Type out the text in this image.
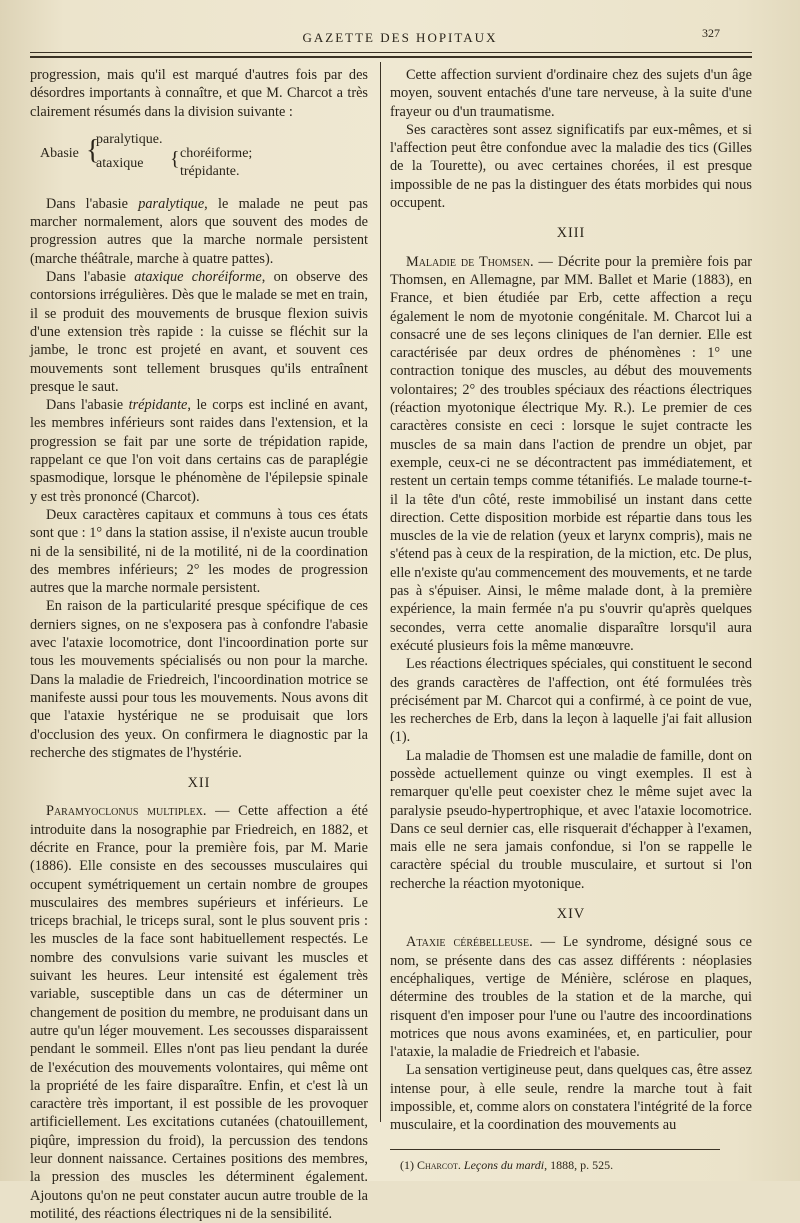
GAZETTE DES HOPITAUX	327

progression, mais qu'il est marqué d'autres fois par des désordres importants à connaître, et que M. Charcot a très clairement résumés dans la division suivante :

Abasie {
paralytique.
ataxique { choréiforme;
trépidante.

Dans l'abasie paralytique, le malade ne peut pas marcher normalement, alors que souvent des modes de progression autres que la marche normale persistent (marche théâtrale, marche à quatre pattes).

Dans l'abasie ataxique choréiforme, on observe des contorsions irrégulières. Dès que le malade se met en train, il se produit des mouvements de brusque flexion suivis d'une extension très rapide : la cuisse se fléchit sur la jambe, le tronc est projeté en avant, et souvent ces mouvements sont tellement brusques qu'ils entraînent presque le saut.

Dans l'abasie trépidante, le corps est incliné en avant, les membres inférieurs sont raides dans l'extension, et la progression se fait par une sorte de trépidation rapide, rappelant ce que l'on voit dans certains cas de paraplégie spasmodique, lorsque le phénomène de l'épilepsie spinale y est très prononcé (Charcot).

Deux caractères capitaux et communs à tous ces états sont que : 1° dans la station assise, il n'existe aucun trouble ni de la sensibilité, ni de la motilité, ni de la coordination des membres inférieurs; 2° les modes de progression autres que la marche normale persistent.

En raison de la particularité presque spécifique de ces derniers signes, on ne s'exposera pas à confondre l'abasie avec l'ataxie locomotrice, dont l'incoordination porte sur tous les mouvements spécialisés ou non pour la marche. Dans la maladie de Friedreich, l'incoordination motrice se manifeste aussi pour tous les mouvements. Nous avons dit que l'ataxie hystérique ne se produisait que lors d'occlusion des yeux. On confirmera le diagnostic par la recherche des stigmates de l'hystérie.

XII

Paramyoclonus multiplex. — Cette affection a été introduite dans la nosographie par Friedreich, en 1882, et décrite en France, pour la première fois, par M. Marie (1886). Elle consiste en des secousses musculaires qui occupent symétriquement un certain nombre de groupes musculaires des membres supérieurs et inférieurs. Le triceps brachial, le triceps sural, sont le plus souvent pris : les muscles de la face sont habituellement respectés. Le nombre des convulsions varie suivant les muscles et suivant les heures. Leur intensité est également très variable, susceptible dans un cas de déterminer un changement de position du membre, ne produisant dans un autre qu'un léger mouvement. Les secousses disparaissent pendant le sommeil. Elles n'ont pas lieu pendant la durée de l'exécution des mouvements volontaires, qui même ont la propriété de les faire disparaître. Enfin, et c'est là un caractère très important, il est possible de les provoquer artificiellement. Les excitations cutanées (chatouillement, piqûre, impression du froid), la percussion des tendons leur donnent naissance. Certaines positions des membres, la pression des muscles les déterminent également. Ajoutons qu'on ne peut constater aucun autre trouble de la motilité, des réactions électriques ni de la sensibilité.

Cette affection survient d'ordinaire chez des sujets d'un âge moyen, souvent entachés d'une tare nerveuse, à la suite d'une frayeur ou d'un traumatisme.

Ses caractères sont assez significatifs par eux-mêmes, et si l'affection peut être confondue avec la maladie des tics (Gilles de la Tourette), ou avec certaines chorées, il est presque impossible de ne pas la distinguer des états morbides qui nous occupent.

XIII

Maladie de Thomsen. — Décrite pour la première fois par Thomsen, en Allemagne, par MM. Ballet et Marie (1883), en France, et bien étudiée par Erb, cette affection a reçu également le nom de myotonie congénitale. M. Charcot lui a consacré une de ses leçons cliniques de l'an dernier. Elle est caractérisée par deux ordres de phénomènes : 1° une contraction tonique des muscles, au début des mouvements volontaires; 2° des troubles spéciaux des réactions électriques (réaction myotonique électrique My. R.). Le premier de ces caractères consiste en ceci : lorsque le sujet contracte les muscles de sa main dans l'action de prendre un objet, par exemple, ceux-ci ne se décontractent pas immédiatement, et restent un certain temps comme tétanifiés. Le malade tourne-t-il la tête d'un côté, reste immobilisé un instant dans cette direction. Cette disposition morbide est répartie dans tous les muscles de la vie de relation (yeux et larynx compris), mais ne s'étend pas à ceux de la respiration, de la miction, etc. De plus, elle n'existe qu'au commencement des mouvements, et ne tarde pas à s'épuiser. Ainsi, le même malade dont, à la première expérience, la main fermée n'a pu s'ouvrir qu'après quelques secondes, verra cette anomalie disparaître lorsqu'il aura exécuté plusieurs fois la même manœuvre.

Les réactions électriques spéciales, qui constituent le second des grands caractères de l'affection, ont été formulées très précisément par M. Charcot qui a confirmé, à ce point de vue, les recherches de Erb, dans la leçon à laquelle j'ai fait allusion (1).

La maladie de Thomsen est une maladie de famille, dont on possède actuellement quinze ou vingt exemples. Il est à remarquer qu'elle peut coexister chez le même sujet avec la paralysie pseudo-hypertrophique, et avec l'ataxie locomotrice. Dans ce seul dernier cas, elle risquerait d'échapper à l'examen, mais elle ne sera jamais confondue, si l'on se rappelle le caractère spécial du trouble musculaire, et surtout si l'on recherche la réaction myotonique.

XIV

Ataxie cérébelleuse. — Le syndrome, désigné sous ce nom, se présente dans des cas assez différents : néoplasies encéphaliques, vertige de Ménière, sclérose en plaques, détermine des troubles de la station et de la marche, qui risquent d'en imposer pour l'une ou l'autre des incoordinations motrices que nous avons examinées, et, en particulier, pour l'ataxie, la maladie de Friedreich et l'abasie.

La sensation vertigineuse peut, dans quelques cas, être assez intense pour, à elle seule, rendre la marche tout à fait impossible, et, comme alors on constatera l'intégrité de la force musculaire, et la coordination des mouvements au

(1) Charcot. Leçons du mardi, 1888, p. 525.
